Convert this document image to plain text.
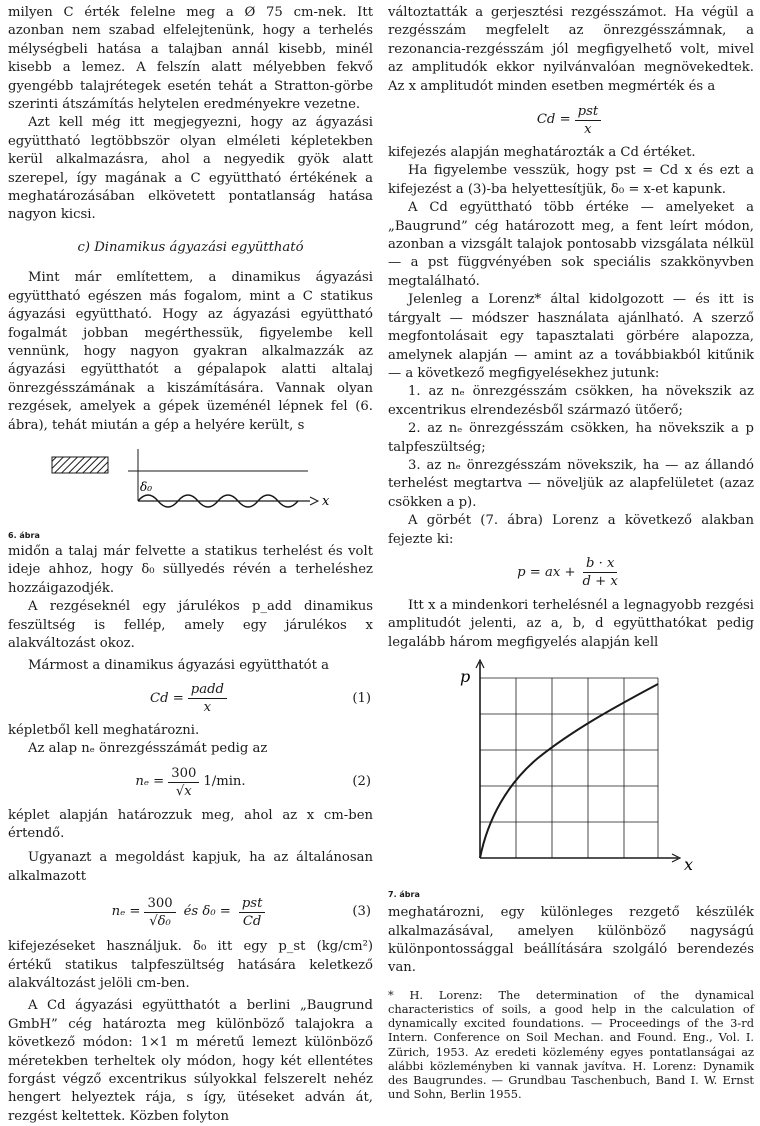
milyen C érték felelne meg a Ø 75 cm-nek. Itt azonban nem szabad elfelejtenünk, hogy a terhelés mélységbeli hatása a talajban annál kisebb, minél kisebb a lemez. A felszín alatt mélyebben fekvő gyengébb talajrétegek esetén tehát a Stratton-görbe szerinti átszámítás helytelen eredményekre vezetne.

Azt kell még itt megjegyezni, hogy az ágyazási együttható legtöbbször olyan elméleti képletekben kerül alkalmazásra, ahol a negyedik gyök alatt szerepel, így magának a C együttható értékének a meghatározásában elkövetett pontatlanság hatása nagyon kicsi.

c) Dinamikus ágyazási együttható

Mint már említettem, a dinamikus ágyazási együttható egészen más fogalom, mint a C statikus ágyazási együttható. Hogy az ágyazási együttható fogalmát jobban megérthessük, figyelembe kell vennünk, hogy nagyon gyakran alkalmazzák az ágyazási együtthatót a gépalapok alatti altalaj önrezgésszámának a kiszámítására. Vannak olyan rezgések, amelyek a gépek üzeménél lépnek fel (6. ábra), tehát miután a gép a helyére került, s

δ₀
x
6. ábra

midőn a talaj már felvette a statikus terhelést és volt ideje ahhoz, hogy δ₀ süllyedés révén a terheléshez hozzáigazodjék.

A rezgéseknél egy járulékos p_add dinamikus feszültség is fellép, amely egy járulékos x alakváltozást okoz.

Mármost a dinamikus ágyazási együtthatót a

$Cd = \frac{\text{padd}}{x}$	(1)

képletből kell meghatározni.

Az alap nₑ önrezgésszámát pedig az

$n_e = \frac{300}{√x} 1/\min$.	(2)

képlet alapján határozzuk meg, ahol az x cm-ben értendő.

Ugyanazt a megoldást kapjuk, ha az általánosan alkalmazott

$n_e = \frac{300}{\text{√δ₀}}$ és $\delta_0 = \frac{\text{pst}}{Cd}$	(3)

kifejezéseket használjuk. δ₀ itt egy p_st (kg/cm²) értékű statikus talpfeszültség hatására keletkező alakváltozást jelöli cm-ben.

A Cd ágyazási együtthatót a berlini „Baugrund GmbH” cég határozta meg különböző talajokra a következő módon: 1×1 m méretű lemezt különböző méretekben terheltek oly módon, hogy két ellentétes forgást végző excentrikus súlyokkal felszerelt nehéz hengert helyeztek rája, s így, ütéseket adván át, rezgést keltettek. Közben folyton

változtatták a gerjesztési rezgésszámot. Ha végül a rezgésszám megfelelt az önrezgésszámnak, a rezonancia-rezgésszám jól megfigyelhető volt, mivel az amplitudók ekkor nyilvánvalóan megnövekedtek. Az x amplitudót minden esetben megmérték és a

$Cd = \frac{\text{pst}}{x}$

kifejezés alapján meghatározták a Cd értéket.

Ha figyelembe vesszük, hogy pst = Cd x és ezt a kifejezést a (3)-ba helyettesítjük, δ₀ = x-et kapunk.

A Cd együttható több értéke — amelyeket a „Baugrund” cég határozott meg, a fent leírt módon, azonban a vizsgált talajok pontosabb vizsgálata nélkül — a pst függvényében sok speciális szakkönyvben megtalálható.

Jelenleg a Lorenz* által kidolgozott — és itt is tárgyalt — módszer használata ajánlható. A szerző megfontolásait egy tapasztalati görbére alapozza, amelynek alapján — amint az a továbbiakból kitűnik — a következő megfigyelésekhez jutunk:

1. az nₑ önrezgésszám csökken, ha növekszik az excentrikus elrendezésből származó ütőerő;

2. az nₑ önrezgésszám csökken, ha növekszik a p talpfeszültség;

3. az nₑ önrezgésszám növekszik, ha — az állandó terhelést megtartva — növeljük az alapfelületet (azaz csökken a p).

A görbét (7. ábra) Lorenz a következő alakban fejezte ki:

p = ax + $\frac{b \cdot x}{d + x}$

Itt x a mindenkori terhelésnél a legnagyobb rezgési amplitudót jelenti, az a, b, d együtthatókat pedig legalább három megfigyelés alapján kell

p
x
7. ábra

meghatározni, egy különleges rezgető készülék alkalmazásával, amelyen különböző nagyságú különpontossággal beállítására szolgáló berendezés van.

* H. Lorenz: The determination of the dynamical characteristics of soils, a good help in the calculation of dynamically excited foundations. — Proceedings of the 3-rd Intern. Conference on Soil Mechan. and Found. Eng., Vol. I. Zürich, 1953. Az eredeti közlemény egyes pontatlanságai az alábbi közleményben ki vannak javítva. H. Lorenz: Dynamik des Baugrundes. — Grundbau Taschenbuch, Band I. W. Ernst und Sohn, Berlin 1955.
